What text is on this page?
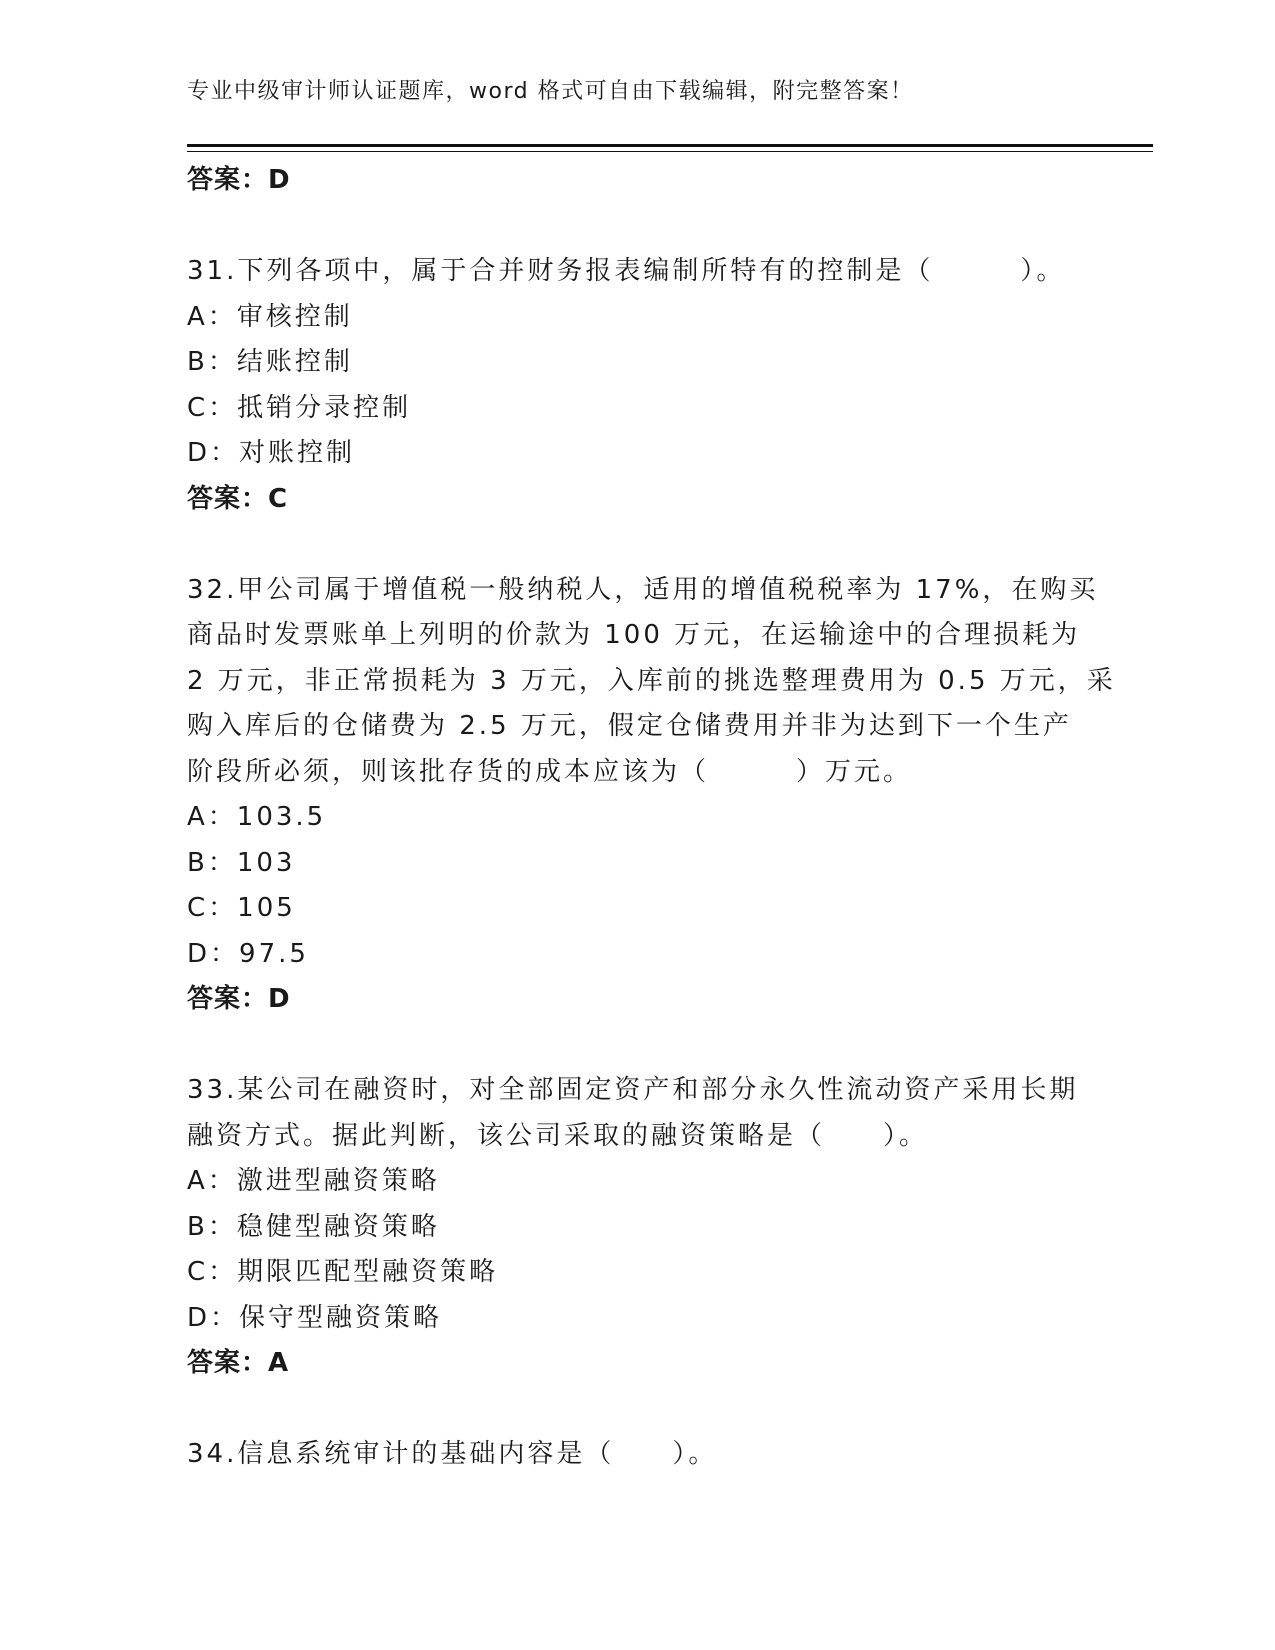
专业中级审计师认证题库，word 格式可自由下载编辑，附完整答案！
答案：D
31.下列各项中，属于合并财务报表编制所特有的控制是（　　　）。
A：审核控制
B：结账控制
C：抵销分录控制
D：对账控制
答案：C
32.甲公司属于增值税一般纳税人，适用的增值税税率为 17%，在购买
商品时发票账单上列明的价款为 100 万元，在运输途中的合理损耗为
2 万元，非正常损耗为 3 万元，入库前的挑选整理费用为 0.5 万元，采
购入库后的仓储费为 2.5 万元，假定仓储费用并非为达到下一个生产
阶段所必须，则该批存货的成本应该为（　　　）万元。
A：103.5
B：103
C：105
D：97.5
答案：D
33.某公司在融资时，对全部固定资产和部分永久性流动资产采用长期
融资方式。据此判断，该公司采取的融资策略是（　　）。
A：激进型融资策略
B：稳健型融资策略
C：期限匹配型融资策略
D：保守型融资策略
答案：A
34.信息系统审计的基础内容是（　　）。
